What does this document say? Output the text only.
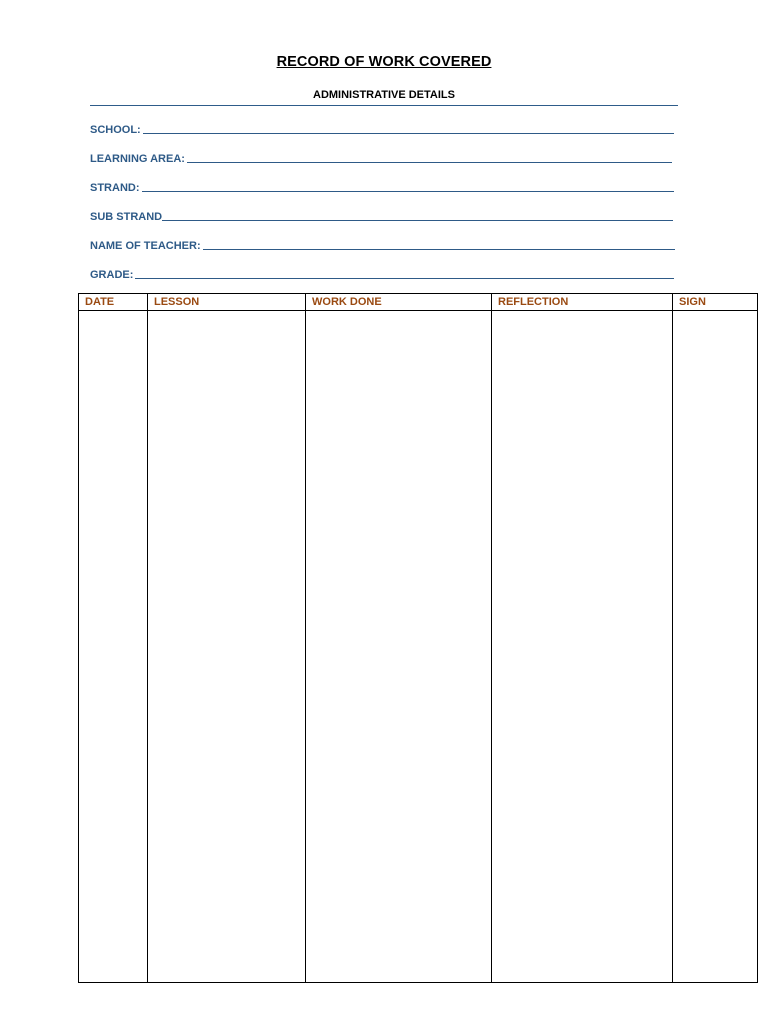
RECORD OF WORK COVERED
ADMINISTRATIVE DETAILS
SCHOOL:
LEARNING AREA:
STRAND:
SUB STRAND
NAME OF TEACHER:
GRADE:
DATE	LESSON	WORK DONE	REFLECTION	SIGN
